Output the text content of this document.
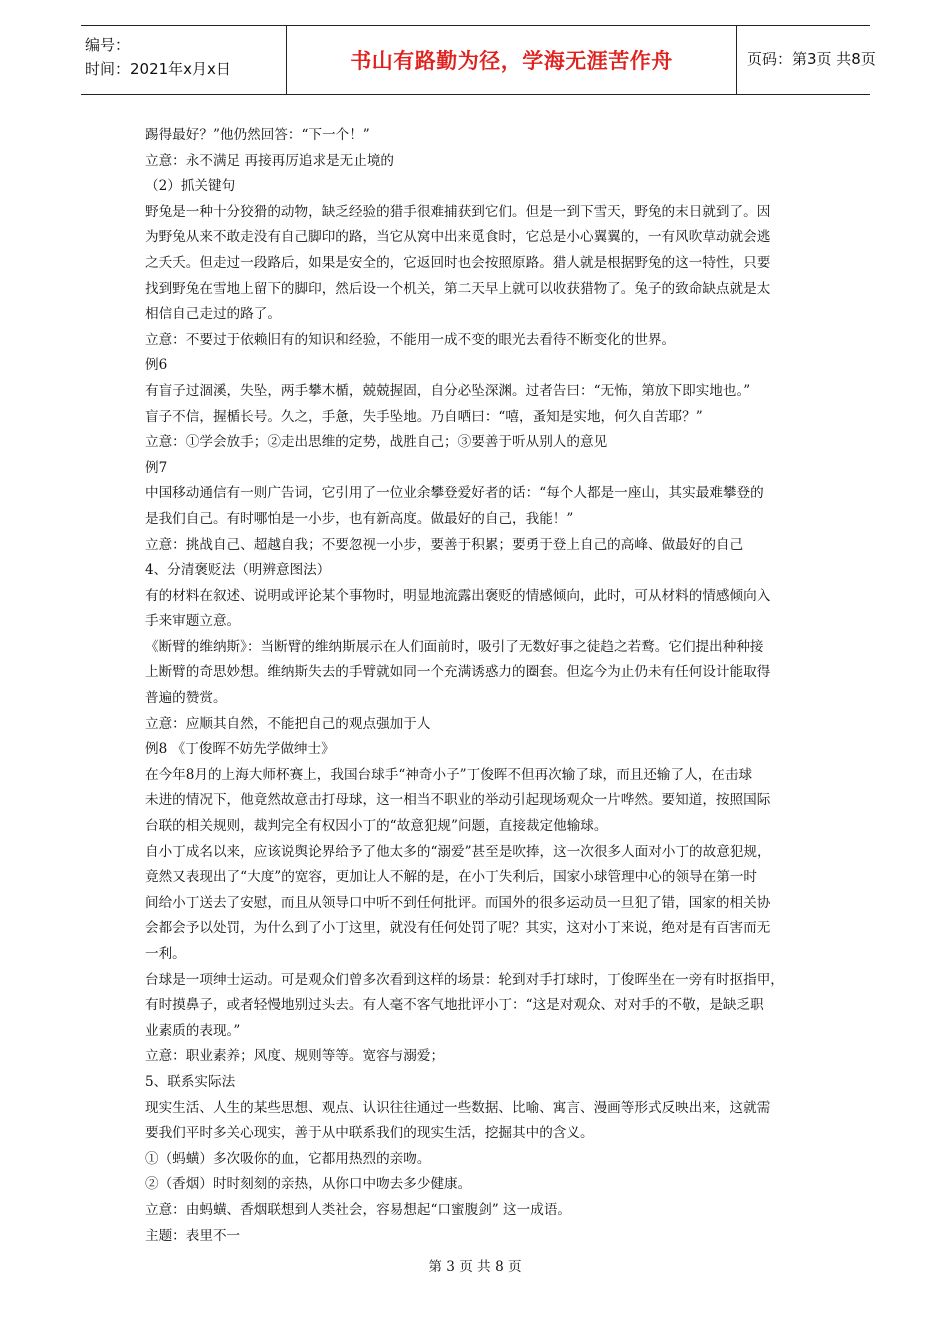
编号：
时间：2021年x月x日	书山有路勤为径，学海无涯苦作舟	页码：第3页 共8页
踢得最好？”他仍然回答：“下一个！”
立意：永不满足 再接再厉追求是无止境的
（2）抓关键句
野兔是一种十分狡猾的动物，缺乏经验的猎手很难捕获到它们。但是一到下雪天，野兔的末日就到了。因
为野兔从来不敢走没有自己脚印的路，当它从窝中出来觅食时，它总是小心翼翼的，一有风吹草动就会逃
之夭夭。但走过一段路后，如果是安全的，它返回时也会按照原路。猎人就是根据野兔的这一特性，只要
找到野兔在雪地上留下的脚印，然后设一个机关，第二天早上就可以收获猎物了。兔子的致命缺点就是太
相信自己走过的路了。
立意：不要过于依赖旧有的知识和经验，不能用一成不变的眼光去看待不断变化的世界。
例6
有盲子过涸溪，失坠，两手攀木楯，兢兢握固，自分必坠深渊。过者告曰：“无怖，第放下即实地也。”
盲子不信，握楯长号。久之，手惫，失手坠地。乃自哂曰：“嘻，蚤知是实地，何久自苦耶？”
立意：①学会放手；②走出思维的定势，战胜自己；③要善于听从别人的意见
例7
中国移动通信有一则广告词，它引用了一位业余攀登爱好者的话：“每个人都是一座山，其实最难攀登的
是我们自己。有时哪怕是一小步，也有新高度。做最好的自己，我能！”
立意：挑战自己、超越自我；不要忽视一小步，要善于积累；要勇于登上自己的高峰、做最好的自己
4、分清褒贬法（明辨意图法）
有的材料在叙述、说明或评论某个事物时，明显地流露出褒贬的情感倾向，此时，可从材料的情感倾向入
手来审题立意。
《断臂的维纳斯》：当断臂的维纳斯展示在人们面前时，吸引了无数好事之徒趋之若鹜。它们提出种种接
上断臂的奇思妙想。维纳斯失去的手臂就如同一个充满诱惑力的圈套。但迄今为止仍未有任何设计能取得
普遍的赞赏。
立意：应顺其自然，不能把自己的观点强加于人
例8 《丁俊晖不妨先学做绅士》
在今年8月的上海大师杯赛上，我国台球手“神奇小子”丁俊晖不但再次输了球，而且还输了人，在击球
未进的情况下，他竟然故意击打母球，这一相当不职业的举动引起现场观众一片哗然。要知道，按照国际
台联的相关规则，裁判完全有权因小丁的“故意犯规”问题，直接裁定他输球。
自小丁成名以来，应该说舆论界给予了他太多的“溺爱”甚至是吹捧，这一次很多人面对小丁的故意犯规，
竟然又表现出了“大度”的宽容，更加让人不解的是，在小丁失利后，国家小球管理中心的领导在第一时
间给小丁送去了安慰，而且从领导口中听不到任何批评。而国外的很多运动员一旦犯了错，国家的相关协
会都会予以处罚，为什么到了小丁这里，就没有任何处罚了呢？其实，这对小丁来说，绝对是有百害而无
一利。
台球是一项绅士运动。可是观众们曾多次看到这样的场景：轮到对手打球时，丁俊晖坐在一旁有时抠指甲，
有时摸鼻子，或者轻慢地别过头去。有人毫不客气地批评小丁：“这是对观众、对对手的不敬，是缺乏职
业素质的表现。”
立意：职业素养；风度、规则等等。宽容与溺爱；
5、联系实际法
现实生活、人生的某些思想、观点、认识往往通过一些数据、比喻、寓言、漫画等形式反映出来，这就需
要我们平时多关心现实，善于从中联系我们的现实生活，挖掘其中的含义。
①（蚂蟥）多次吸你的血，它都用热烈的亲吻。
②（香烟）时时刻刻的亲热，从你口中吻去多少健康。
立意：由蚂蟥、香烟联想到人类社会，容易想起“口蜜腹剑” 这一成语。
主题：表里不一
第 3 页 共 8 页
